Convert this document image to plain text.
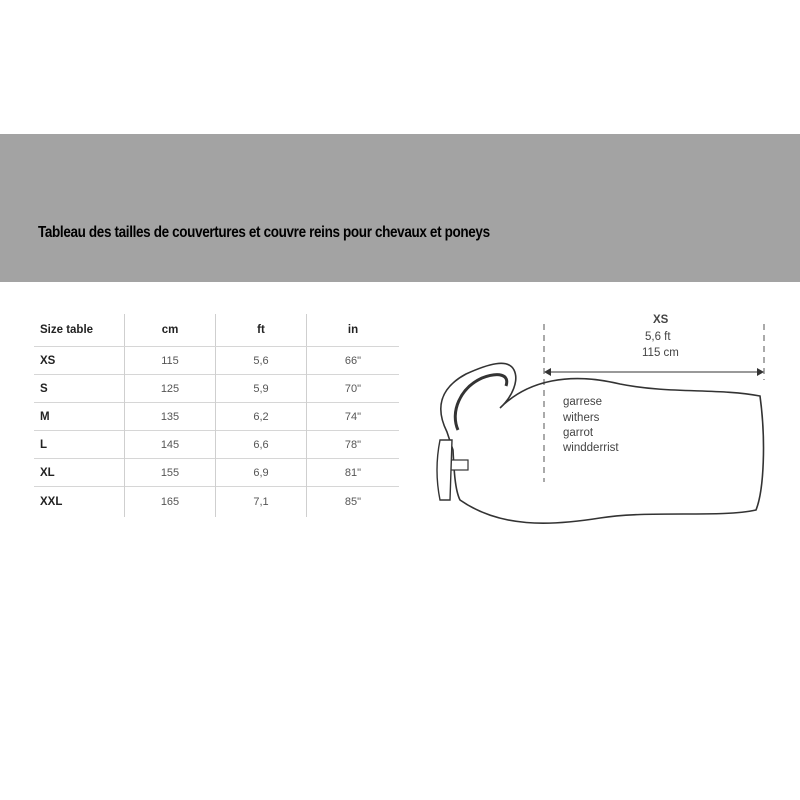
Tableau des tailles de couvertures et couvre reins pour chevaux et poneys
Size table	cm	ft	in
XS	115	5,6	66"
S	125	5,9	70"
M	135	6,2	74"
L	145	6,6	78"
XL	155	6,9	81"
XXL	165	7,1	85"
XS
5,6 ft
115 cm
garrese
withers
garrot
windderrist
